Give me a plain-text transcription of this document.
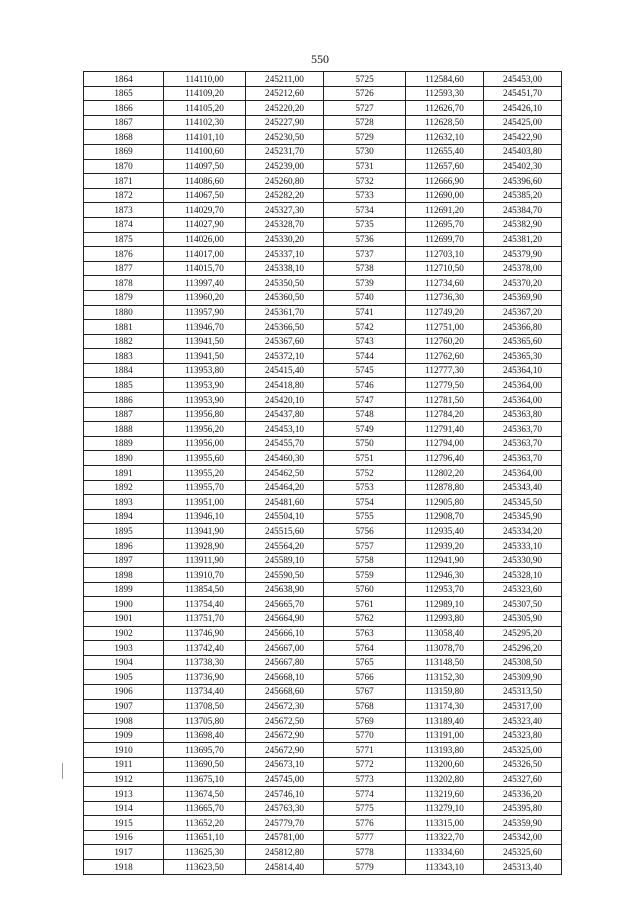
550
1864	114110,00	245211,00	5725	112584,60	245453,00
1865	114109,20	245212,60	5726	112593,30	245451,70
1866	114105,20	245220,20	5727	112626,70	245426,10
1867	114102,30	245227,90	5728	112628,50	245425,00
1868	114101,10	245230,50	5729	112632,10	245422,90
1869	114100,60	245231,70	5730	112655,40	245403,80
1870	114097,50	245239,00	5731	112657,60	245402,30
1871	114086,60	245260,80	5732	112666,90	245396,60
1872	114067,50	245282,20	5733	112690,00	245385,20
1873	114029,70	245327,30	5734	112691,20	245384,70
1874	114027,90	245328,70	5735	112695,70	245382,90
1875	114026,00	245330,20	5736	112699,70	245381,20
1876	114017,00	245337,10	5737	112703,10	245379,90
1877	114015,70	245338,10	5738	112710,50	245378,00
1878	113997,40	245350,50	5739	112734,60	245370,20
1879	113960,20	245360,50	5740	112736,30	245369,90
1880	113957,90	245361,70	5741	112749,20	245367,20
1881	113946,70	245366,50	5742	112751,00	245366,80
1882	113941,50	245367,60	5743	112760,20	245365,60
1883	113941,50	245372,10	5744	112762,60	245365,30
1884	113953,80	245415,40	5745	112777,30	245364,10
1885	113953,90	245418,80	5746	112779,50	245364,00
1886	113953,90	245420,10	5747	112781,50	245364,00
1887	113956,80	245437,80	5748	112784,20	245363,80
1888	113956,20	245453,10	5749	112791,40	245363,70
1889	113956,00	245455,70	5750	112794,00	245363,70
1890	113955,60	245460,30	5751	112796,40	245363,70
1891	113955,20	245462,50	5752	112802,20	245364,00
1892	113955,70	245464,20	5753	112878,80	245343,40
1893	113951,00	245481,60	5754	112905,80	245345,50
1894	113946,10	245504,10	5755	112908,70	245345,90
1895	113941,90	245515,60	5756	112935,40	245334,20
1896	113928,90	245564,20	5757	112939,20	245333,10
1897	113911,90	245589,10	5758	112941,90	245330,90
1898	113910,70	245590,50	5759	112946,30	245328,10
1899	113854,50	245638,90	5760	112953,70	245323,60
1900	113754,40	245665,70	5761	112989,10	245307,50
1901	113751,70	245664,90	5762	112993,80	245305,90
1902	113746,90	245666,10	5763	113058,40	245295,20
1903	113742,40	245667,00	5764	113078,70	245296,20
1904	113738,30	245667,80	5765	113148,50	245308,50
1905	113736,90	245668,10	5766	113152,30	245309,90
1906	113734,40	245668,60	5767	113159,80	245313,50
1907	113708,50	245672,30	5768	113174,30	245317,00
1908	113705,80	245672,50	5769	113189,40	245323,40
1909	113698,40	245672,90	5770	113191,00	245323,80
1910	113695,70	245672,90	5771	113193,80	245325,00
1911	113690,50	245673,10	5772	113200,60	245326,50
1912	113675,10	245745,00	5773	113202,80	245327,60
1913	113674,50	245746,10	5774	113219,60	245336,20
1914	113665,70	245763,30	5775	113279,10	245395,80
1915	113652,20	245779,70	5776	113315,00	245359,90
1916	113651,10	245781,00	5777	113322,70	245342,00
1917	113625,30	245812,80	5778	113334,60	245325,60
1918	113623,50	245814,40	5779	113343,10	245313,40
